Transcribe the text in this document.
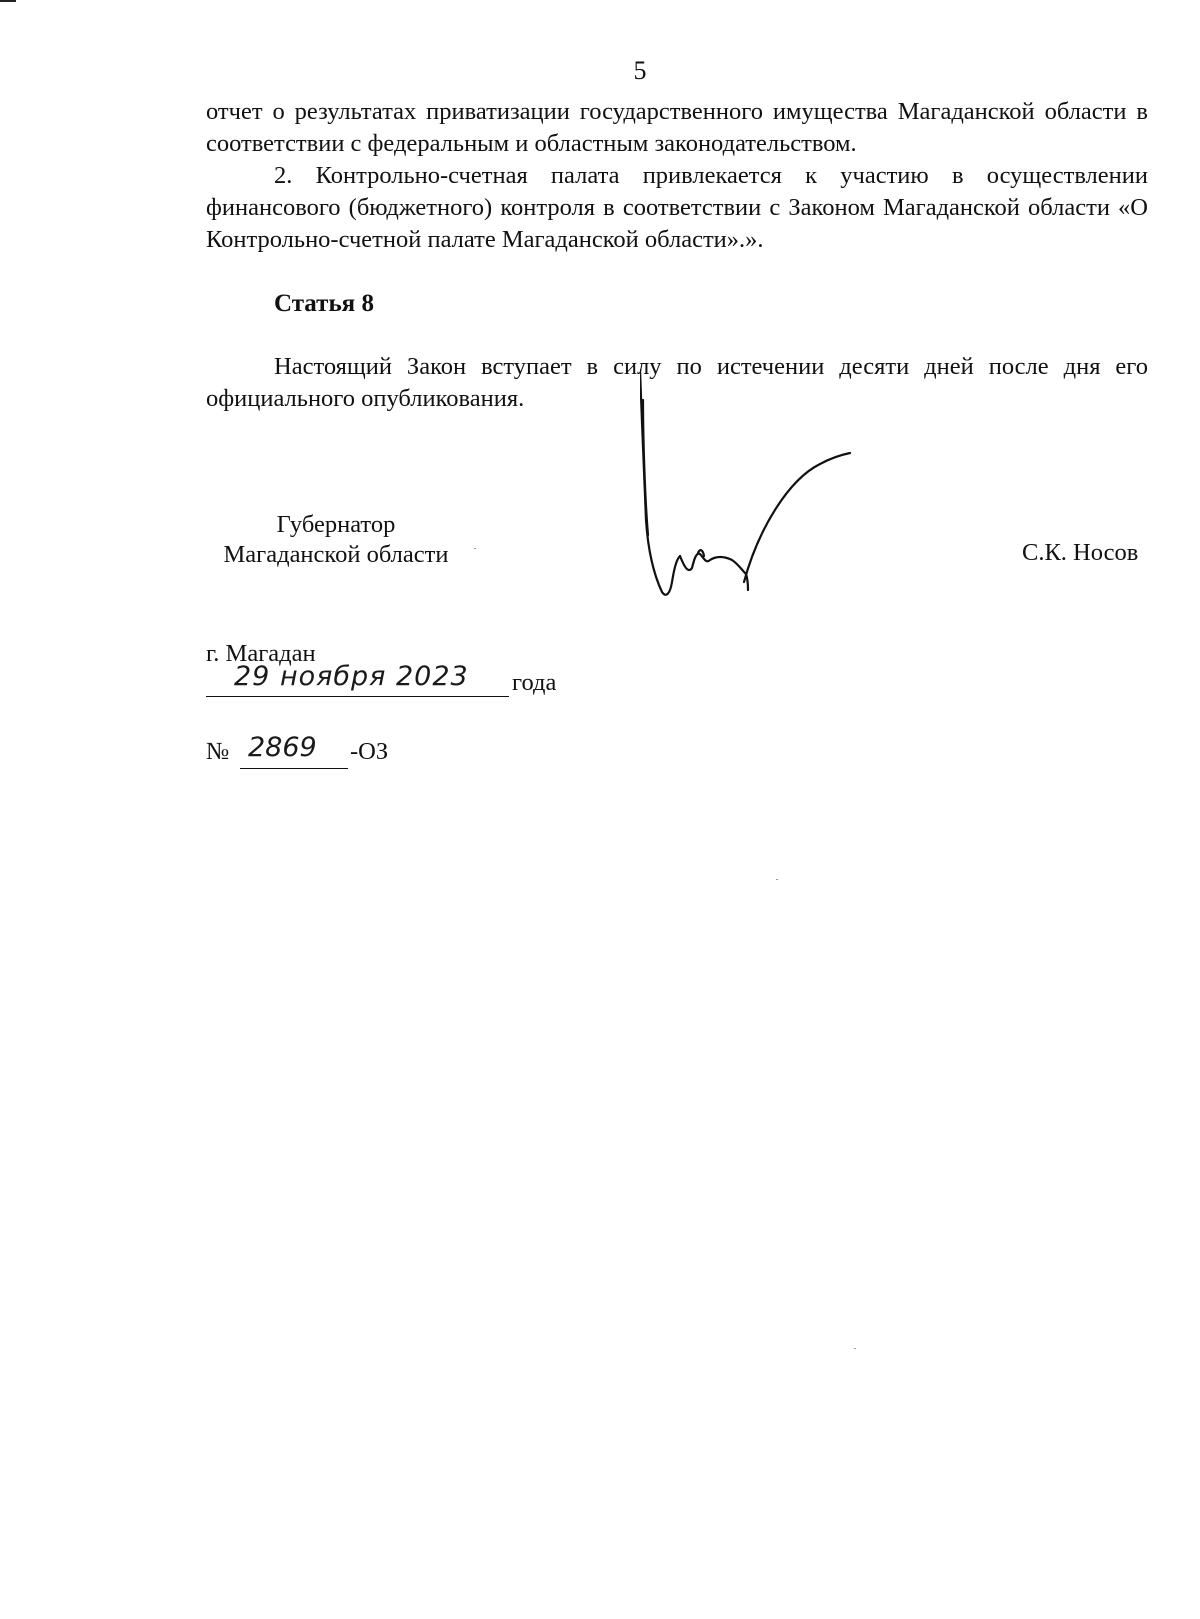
5

отчет о результатах приватизации государственного имущества Магаданской области в соответствии с федеральным и областным законодательством.

2. Контрольно-счетная палата привлекается к участию в осуществлении финансового (бюджетного) контроля в соответствии с Законом Магаданской области «О Контрольно-счетной палате Магаданской области».».

Статья 8

Настоящий Закон вступает в силу по истечении десяти дней после дня его официального опубликования.

Губернатор
Магаданской области	С.К. Носов
г. Магадан
29 ноября 2023 года
№ 2869 -ОЗ
